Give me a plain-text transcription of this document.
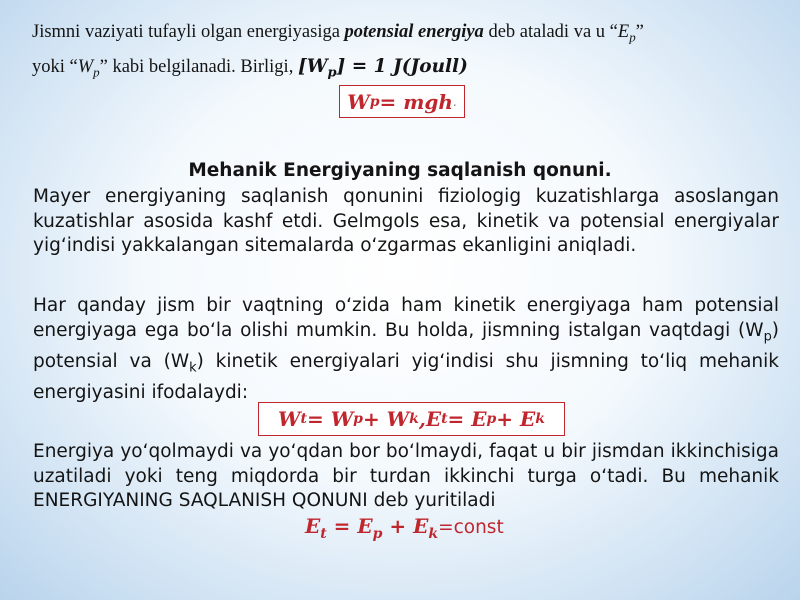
Jismni vaziyati tufayli olgan energiyasiga potensial energiya deb ataladi va u “$E_p$”
yoki “$W_p$” kabi belgilanadi. Birligi, $[W_p] = 1$ J(Joull)
W p = mgh .
Mehanik Energiyaning saqlanish qonuni.

Mayer energiyaning saqlanish qonunini fiziologig kuzatishlarga asoslangan kuzatishlar asosida kashf etdi. Gelmgols esa, kinetik va potensial energiyalar yig‘indisi yakkalangan sitemalarda o‘zgarmas ekanligini aniqladi.

Har qanday jism bir vaqtning o‘zida ham kinetik energiyaga ham potensial energiyaga ega bo‘la olishi mumkin. Bu holda, jismning istalgan vaqtdagi $(W_p)$ potensial va $(W_k)$ kinetik energiyalari yig‘indisi shu jismning to‘liq mehanik energiyasini ifodalaydi:

W t = W p + W k , E t = E p + E k

Energiya yo‘qolmaydi va yo‘qdan bor bo‘lmaydi, faqat u bir jismdan ikkinchisiga uzatiladi yoki teng miqdorda bir turdan ikkinchi turga o‘tadi. Bu mehanik ENERGIYANING SAQLANISH QONUNI deb yuritiladi

$E_t = E_p$ + $E_k=const$
